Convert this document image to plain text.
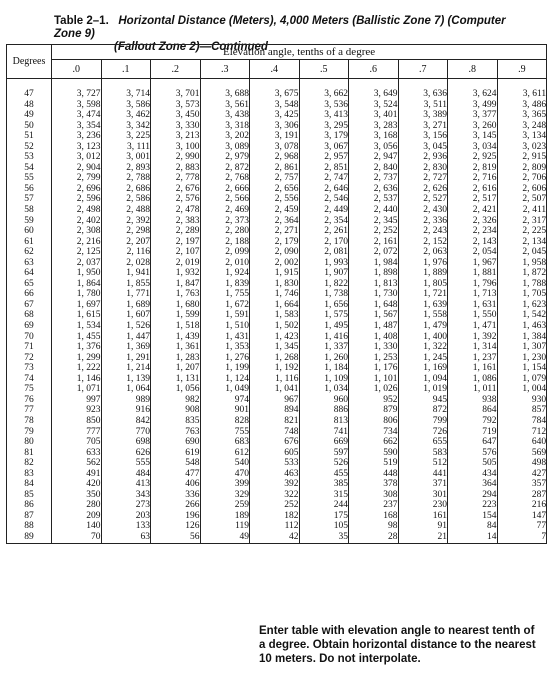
Table 2–1. Horizontal Distance (Meters), 4,000 Meters (Ballistic Zone 7) (Computer Zone 9)
(Fallout Zone 2)—Continued
Degrees	Elevation angle, tenths of a degree									
	.0	.1	.2	.3	.4	.5	.6	.7	.8	.9

47	3, 727	3, 714	3, 701	3, 688	3, 675	3, 662	3, 649	3, 636	3, 624	3, 611
48	3, 598	3, 586	3, 573	3, 561	3, 548	3, 536	3, 524	3, 511	3, 499	3, 486
49	3, 474	3, 462	3, 450	3, 438	3, 425	3, 413	3, 401	3, 389	3, 377	3, 365
50	3, 354	3, 342	3, 330	3, 318	3, 306	3, 295	3, 283	3, 271	3, 260	3, 248
51	3, 236	3, 225	3, 213	3, 202	3, 191	3, 179	3, 168	3, 156	3, 145	3, 134
52	3, 123	3, 111	3, 100	3, 089	3, 078	3, 067	3, 056	3, 045	3, 034	3, 023
53	3, 012	3, 001	2, 990	2, 979	2, 968	2, 957	2, 947	2, 936	2, 925	2, 915
54	2, 904	2, 893	2, 883	2, 872	2, 861	2, 851	2, 840	2, 830	2, 819	2, 809
55	2, 799	2, 788	2, 778	2, 768	2, 757	2, 747	2, 737	2, 727	2, 716	2, 706
56	2, 696	2, 686	2, 676	2, 666	2, 656	2, 646	2, 636	2, 626	2, 616	2, 606
57	2, 596	2, 586	2, 576	2, 566	2, 556	2, 546	2, 537	2, 527	2, 517	2, 507
58	2, 498	2, 488	2, 478	2, 469	2, 459	2, 449	2, 440	2, 430	2, 421	2, 411
59	2, 402	2, 392	2, 383	2, 373	2, 364	2, 354	2, 345	2, 336	2, 326	2, 317
60	2, 308	2, 298	2, 289	2, 280	2, 271	2, 261	2, 252	2, 243	2, 234	2, 225
61	2, 216	2, 207	2, 197	2, 188	2, 179	2, 170	2, 161	2, 152	2, 143	2, 134
62	2, 125	2, 116	2, 107	2, 099	2, 090	2, 081	2, 072	2, 063	2, 054	2, 045
63	2, 037	2, 028	2, 019	2, 010	2, 002	1, 993	1, 984	1, 976	1, 967	1, 958
64	1, 950	1, 941	1, 932	1, 924	1, 915	1, 907	1, 898	1, 889	1, 881	1, 872
65	1, 864	1, 855	1, 847	1, 839	1, 830	1, 822	1, 813	1, 805	1, 796	1, 788
66	1, 780	1, 771	1, 763	1, 755	1, 746	1, 738	1, 730	1, 721	1, 713	1, 705
67	1, 697	1, 689	1, 680	1, 672	1, 664	1, 656	1, 648	1, 639	1, 631	1, 623
68	1, 615	1, 607	1, 599	1, 591	1, 583	1, 575	1, 567	1, 558	1, 550	1, 542
69	1, 534	1, 526	1, 518	1, 510	1, 502	1, 495	1, 487	1, 479	1, 471	1, 463
70	1, 455	1, 447	1, 439	1, 431	1, 423	1, 416	1, 408	1, 400	1, 392	1, 384
71	1, 376	1, 369	1, 361	1, 353	1, 345	1, 337	1, 330	1, 322	1, 314	1, 307
72	1, 299	1, 291	1, 283	1, 276	1, 268	1, 260	1, 253	1, 245	1, 237	1, 230
73	1, 222	1, 214	1, 207	1, 199	1, 192	1, 184	1, 176	1, 169	1, 161	1, 154
74	1, 146	1, 139	1, 131	1, 124	1, 116	1, 109	1, 101	1, 094	1, 086	1, 079
75	1, 071	1, 064	1, 056	1, 049	1, 041	1, 034	1, 026	1, 019	1, 011	1, 004
76	997	989	982	974	967	960	952	945	938	930
77	923	916	908	901	894	886	879	872	864	857
78	850	842	835	828	821	813	806	799	792	784
79	777	770	763	755	748	741	734	726	719	712
80	705	698	690	683	676	669	662	655	647	640
81	633	626	619	612	605	597	590	583	576	569
82	562	555	548	540	533	526	519	512	505	498
83	491	484	477	470	463	455	448	441	434	427
84	420	413	406	399	392	385	378	371	364	357
85	350	343	336	329	322	315	308	301	294	287
86	280	273	266	259	252	244	237	230	223	216
87	209	203	196	189	182	175	168	161	154	147
88	140	133	126	119	112	105	98	91	84	77
89	70	63	56	49	42	35	28	21	14	7

Enter table with elevation angle to nearest tenth of a degree. Obtain horizontal distance to the nearest 10 meters. Do not interpolate.
